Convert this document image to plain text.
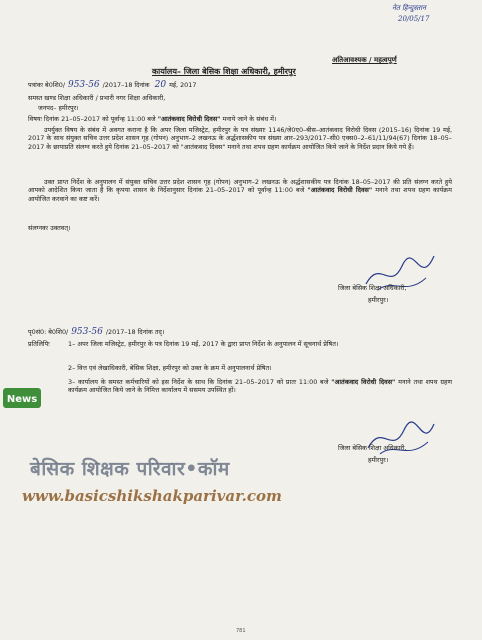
नेत हिन्दुस्तान
20/05/17
अतिआवश्यक / महत्वपूर्ण
कार्यालय– जिला बेसिक शिक्षा अधिकारी, हमीरपुर
पत्रांकः बे0शि0/ 953-56 /2017–18 दिनांक 20 मई, 2017
समस्त खण्ड शिक्षा अधिकारी / प्रभारी नगर शिक्षा अधिकारी,
जनपद– हमीरपुर।
विषयः दिनांक 21–05–2017 को पूर्वान्ह 11:00 बजे "आतंकवाद विरोधी दिवस" मनाये जाने के संबंध में।
उपर्युक्त विषय के संबंध में अवगत कराना है कि अपर जिला मजिस्ट्रेट, हमीरपुर के पत्र संख्याः 1146/जे0ए0–बीस–आतंकवाद विरोधी दिवस (2015–16) दिनांक 19 मई, 2017 के साथ संयुक्त सचिव उत्तर प्रदेश शासन गृह (गोपन) अनुभाग–2 लखनऊ के अर्द्धशासकीय पत्र संख्या आर–293/2017–सी0 एक्स0–2–61/11/94(67) दिनांक 18–05–2017 के छायाप्रति संलग्न करते हुये दिनांक 21–05–2017 को "आतंकवाद दिवस" मनाने तथा शपथ ग्रहण कार्यक्रम आयोजित किये जाने के निर्देश प्रदान किये गये हैं।
उक्त प्राप्त निर्देश के अनुपालन में संयुक्त सचिव उत्तर प्रदेश शासन गृह (गोपन) अनुभाग–2 लखनऊ के अर्द्धशासकीय पत्र दिनांक 18–05–2017 की प्रति संलग्न करते हुये आपको आदेशित किया जाता है कि कृपया शासन के निर्देशानुसार दिनांक 21–05–2017 को पूर्वान्ह 11:00 बजे "आतंकवाद विरोधी दिवस" मनाने तथा शपथ ग्रहण कार्यक्रम आयोजित करवाने का कष्ट करें।
संलग्नकः उक्तवत्।
जिला बेसिक शिक्षा अधिकारी,
हमीरपुर।
पृ0सं0: बे0शि0/ 953-56 /2017–18 दिनांक तद्।
प्रतिलिपिः	1– अपर जिला मजिस्ट्रेट, हमीरपुर के पत्र दिनांक 19 मई, 2017 के द्वारा प्राप्त निर्देश के अनुपालन में सूचनार्थ प्रेषित।
2– वित्त एवं लेखाधिकारी, बेसिक शिक्षा, हमीरपुर को उक्त के क्रम में अनुपालनार्थ प्रेषित।
3– कार्यालय के समस्त कर्मचारियों को इस निर्देश के साथ कि दिनांक 21–05–2017 को प्रातः 11:00 बजे "आतंकवाद विरोधी दिवस" मनाने तथा शपथ ग्रहण कार्यक्रम आयोजित किये जाने के निमित्त कार्यालय में ससमय उपस्थित हों।
जिला बेसिक शिक्षा अधिकारी,
हमीरपुर।
News
बेसिक शिक्षक परिवार•कॉम
www.basicshikshakparivar.com
781
